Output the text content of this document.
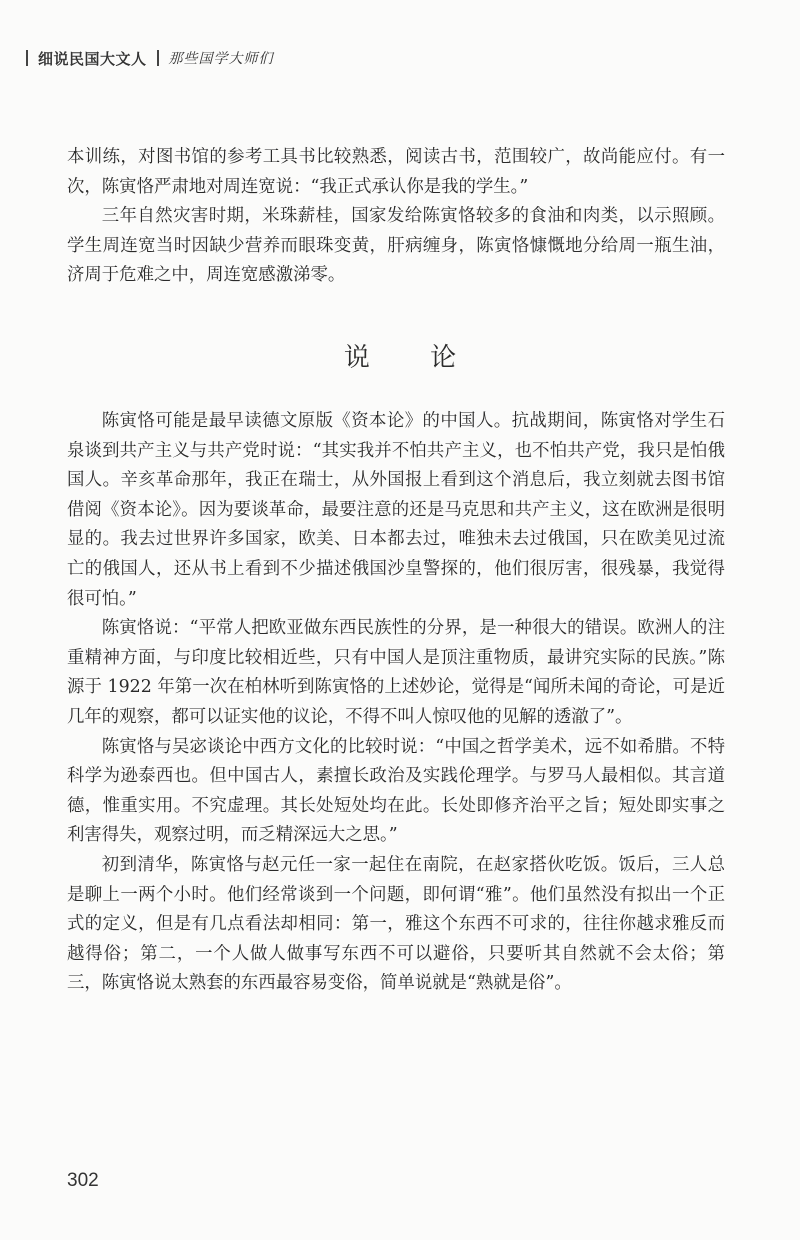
细说民国大文人 那些国学大师们

本训练，对图书馆的参考工具书比较熟悉，阅读古书，范围较广，故尚能应付。有一次，陈寅恪严肃地对周连宽说：“我正式承认你是我的学生。”

三年自然灾害时期，米珠薪桂，国家发给陈寅恪较多的食油和肉类，以示照顾。学生周连宽当时因缺少营养而眼珠变黄，肝病缠身，陈寅恪慷慨地分给周一瓶生油，济周于危难之中，周连宽感激涕零。

说 论

陈寅恪可能是最早读德文原版《资本论》的中国人。抗战期间，陈寅恪对学生石泉谈到共产主义与共产党时说：“其实我并不怕共产主义，也不怕共产党，我只是怕俄国人。辛亥革命那年，我正在瑞士，从外国报上看到这个消息后，我立刻就去图书馆借阅《资本论》。因为要谈革命，最要注意的还是马克思和共产主义，这在欧洲是很明显的。我去过世界许多国家，欧美、日本都去过，唯独未去过俄国，只在欧美见过流亡的俄国人，还从书上看到不少描述俄国沙皇警探的，他们很厉害，很残暴，我觉得很可怕。”

陈寅恪说：“平常人把欧亚做东西民族性的分界，是一种很大的错误。欧洲人的注重精神方面，与印度比较相近些，只有中国人是顶注重物质，最讲究实际的民族。”陈源于 1922 年第一次在柏林听到陈寅恪的上述妙论，觉得是“闻所未闻的奇论，可是近几年的观察，都可以证实他的议论，不得不叫人惊叹他的见解的透澈了”。

陈寅恪与吴宓谈论中西方文化的比较时说：“中国之哲学美术，远不如希腊。不特科学为逊泰西也。但中国古人，素擅长政治及实践伦理学。与罗马人最相似。其言道德，惟重实用。不究虚理。其长处短处均在此。长处即修齐治平之旨；短处即实事之利害得失，观察过明，而乏精深远大之思。”

初到清华，陈寅恪与赵元任一家一起住在南院，在赵家搭伙吃饭。饭后，三人总是聊上一两个小时。他们经常谈到一个问题，即何谓“雅”。他们虽然没有拟出一个正式的定义，但是有几点看法却相同：第一，雅这个东西不可求的，往往你越求雅反而越得俗；第二，一个人做人做事写东西不可以避俗，只要听其自然就不会太俗；第三，陈寅恪说太熟套的东西最容易变俗，简单说就是“熟就是俗”。

302
